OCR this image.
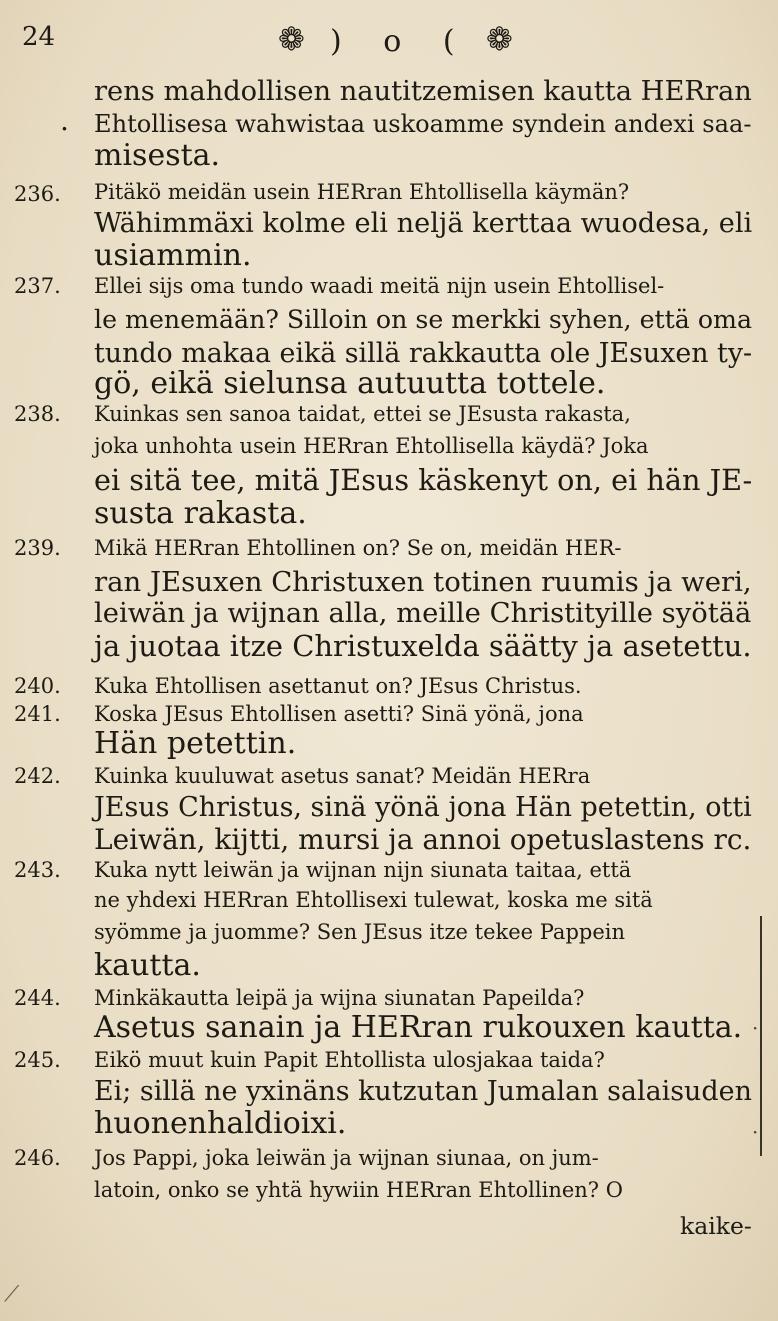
24	❁ ) o ( ❁
.
236.
237.
238.
239.
240.
241.
242.
243.
244.
245.
246.
rens mahdollisen nautitzemisen kautta HERran
Ehtollisesa wahwistaa uskoamme syndein andexi saa-
misesta.
Pitäkö meidän usein HERran Ehtollisella käymän?
Wähimmäxi kolme eli neljä kerttaa wuodesa, eli
usiammin.
Ellei sijs oma tundo waadi meitä nijn usein Ehtollisel-
le menemään? Silloin on se merkki syhen, että oma
tundo makaa eikä sillä rakkautta ole JEsuxen ty-
gö, eikä sielunsa autuutta tottele.
Kuinkas sen sanoa taidat, ettei se JEsusta rakasta,
joka unhohta usein HERran Ehtollisella käydä? Joka
ei sitä tee, mitä JEsus käskenyt on, ei hän JE-
susta rakasta.
Mikä HERran Ehtollinen on? Se on, meidän HER-
ran JEsuxen Christuxen totinen ruumis ja weri,
leiwän ja wijnan alla, meille Christityille syötää
ja juotaa itze Christuxelda säätty ja asetettu.
Kuka Ehtollisen asettanut on? JEsus Christus.
Koska JEsus Ehtollisen asetti? Sinä yönä, jona
Hän petettin.
Kuinka kuuluwat asetus sanat? Meidän HERra
JEsus Christus, sinä yönä jona Hän petettin, otti
Leiwän, kijtti, mursi ja annoi opetuslastens rc.
Kuka nytt leiwän ja wijnan nijn siunata taitaa, että
ne yhdexi HERran Ehtollisexi tulewat, koska me sitä
syömme ja juomme? Sen JEsus itze tekee Pappein
kautta.
Minkäkautta leipä ja wijna siunatan Papeilda?
Asetus sanain ja HERran rukouxen kautta.
Eikö muut kuin Papit Ehtollista ulosjakaa taida?
Ei; sillä ne yxinäns kutzutan Jumalan salaisuden
huonenhaldioixi.
Jos Pappi, joka leiwän ja wijnan siunaa, on jum-
latoin, onko se yhtä hywiin HERran Ehtollinen? O
kaike-
·
·
⟋
